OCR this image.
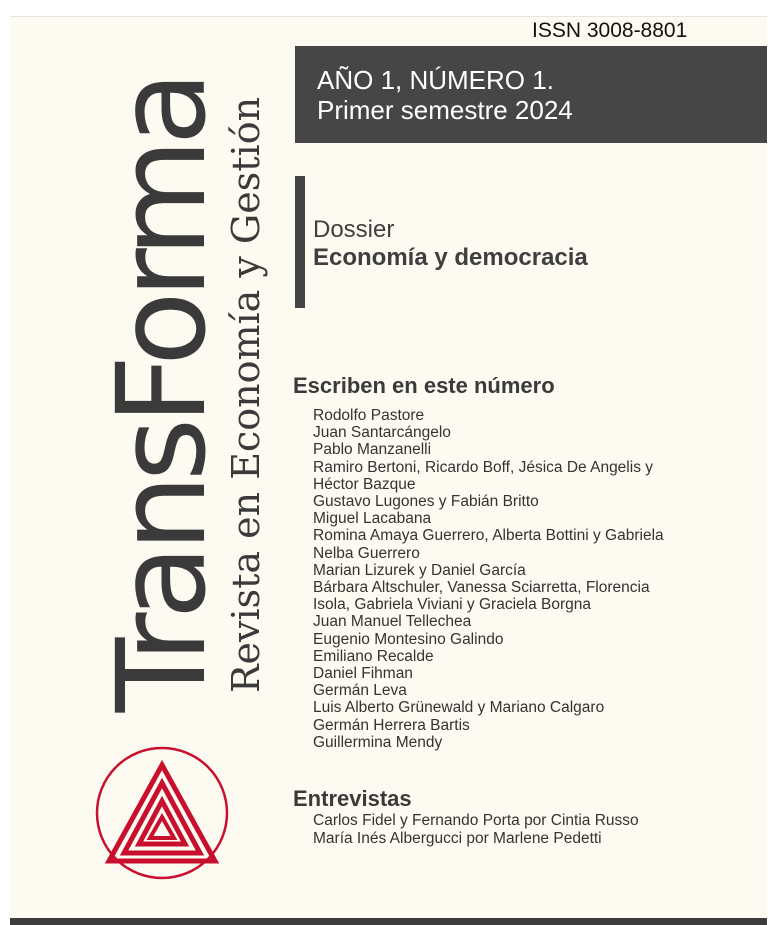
ISSN 3008-8801
AÑO 1, NÚMERO 1.
Primer semestre 2024
Dossier
Economía y democracia
TransForma
Revista en Economía y Gestión Escriben en este número
Rodolfo Pastore
Juan Santarcángelo
Pablo Manzanelli
Ramiro Bertoni, Ricardo Boff, Jésica De Angelis y
Héctor Bazque
Gustavo Lugones y Fabián Britto
Miguel Lacabana
Romina Amaya Guerrero, Alberta Bottini y Gabriela
Nelba Guerrero
Marian Lizurek y Daniel García
Bárbara Altschuler, Vanessa Sciarretta, Florencia
Isola, Gabriela Viviani y Graciela Borgna
Juan Manuel Tellechea
Eugenio Montesino Galindo
Emiliano Recalde
Daniel Fihman
Germán Leva
Luis Alberto Grünewald y Mariano Calgaro
Germán Herrera Bartis
Guillermina Mendy
Entrevistas
Carlos Fidel y Fernando Porta por Cintia Russo
María Inés Albergucci por Marlene Pedetti
